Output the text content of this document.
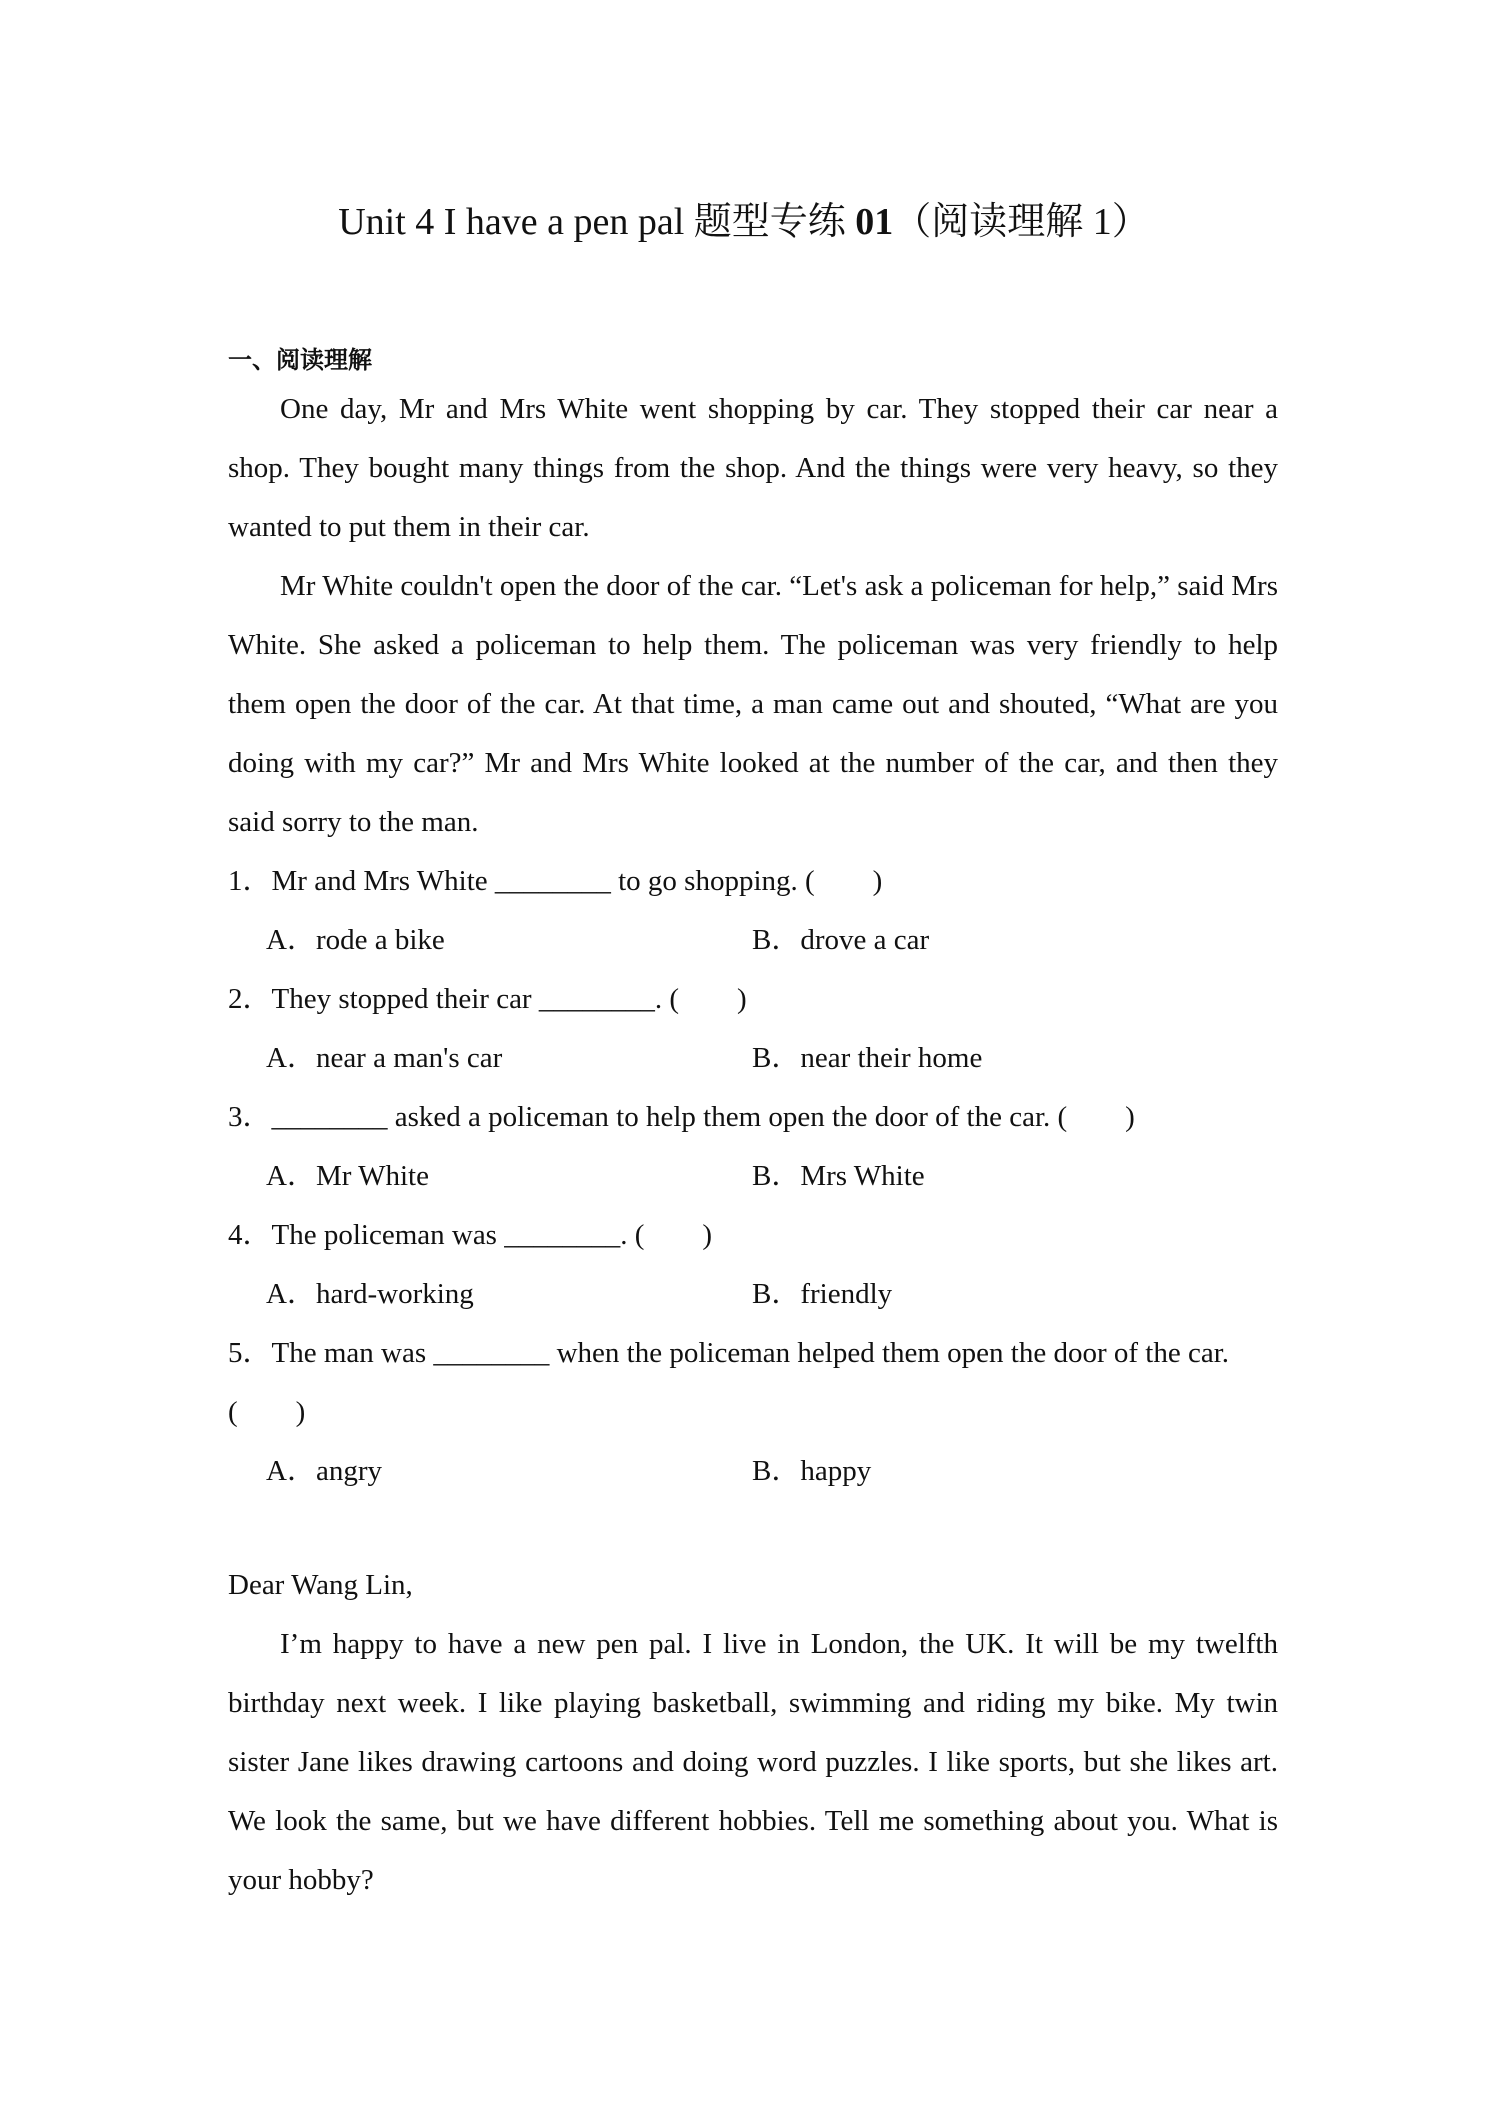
Unit 4 I have a pen pal 题型专练 01（阅读理解 1）
一、阅读理解

One day, Mr and Mrs White went shopping by car. They stopped their car near a shop. They bought many things from the shop. And the things were very heavy, so they wanted to put them in their car.

Mr White couldn't open the door of the car. “Let's ask a policeman for help,” said Mrs White. She asked a policeman to help them. The policeman was very friendly to help them open the door of the car. At that time, a man came out and shouted, “What are you doing with my car?” Mr and Mrs White looked at the number of the car, and then they said sorry to the man.

1．Mr and Mrs White ________ to go shopping. (　　)
A．rode a bike	B．drove a car
2．They stopped their car ________. (　　)
A．near a man's car	B．near their home
3．________ asked a policeman to help them open the door of the car. (　　)
A．Mr White	B．Mrs White
4．The policeman was ________. (　　)
A．hard-working	B．friendly
5．The man was ________ when the policeman helped them open the door of the car.
(　　)
A．angry	B．happy
Dear Wang Lin,

I’m happy to have a new pen pal. I live in London, the UK. It will be my twelfth birthday next week. I like playing basketball, swimming and riding my bike. My twin sister Jane likes drawing cartoons and doing word puzzles. I like sports, but she likes art. We look the same, but we have different hobbies. Tell me something about you. What is your hobby?
